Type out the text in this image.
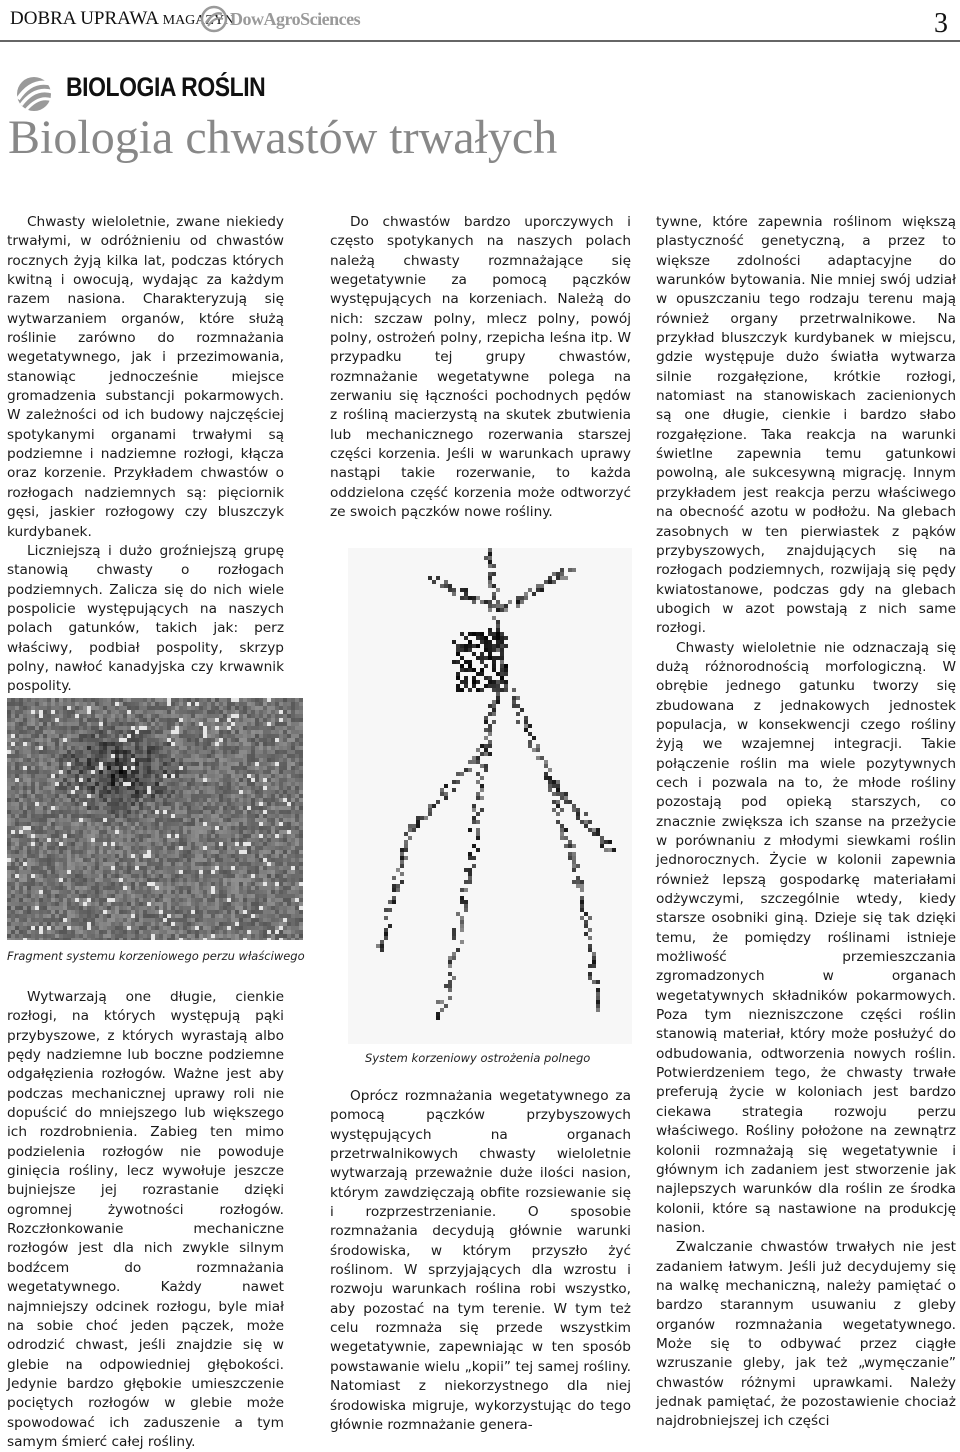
DOBRA UPRAWA MAGAZYN
DowAgroSciences	3
BIOLOGIA ROŚLIN
Biologia chwastów trwałych

Chwasty wieloletnie, zwane niekiedy trwałymi, w odróżnieniu od chwastów rocznych żyją kilka lat, podczas których kwitną i owocują, wydając za każdym razem nasiona. Charakteryzują się wytwarzaniem organów, które służą roślinie zarówno do rozmnażania wegetatywnego, jak i przezimowania, stanowiąc jednocześnie miejsce gromadzenia substancji pokarmowych. W zależności od ich budowy najczęściej spotykanymi organami trwałymi są podziemne i nadziemne rozłogi, kłącza oraz korzenie. Przykładem chwastów o rozłogach nadziemnych są: pięciornik gęsi, jaskier rozłogowy czy bluszczyk kurdybanek.

Liczniejszą i dużo groźniejszą grupę stanowią chwasty o rozłogach podziemnych. Zalicza się do nich wiele pospolicie występujących na naszych polach gatunków, takich jak: perz właściwy, podbiał pospolity, skrzyp polny, nawłoć kanadyjska czy krwawnik pospolity.

Fragment systemu korzeniowego perzu właściwego

Wytwarzają one długie, cienkie rozłogi, na których występują pąki przybyszowe, z których wyrastają albo pędy nadziemne lub boczne podziemne odgałęzienia rozłogów. Ważne jest aby podczas mechanicznej uprawy roli nie dopuścić do mniejszego lub większego ich rozdrobnienia. Zabieg ten mimo podzielenia rozłogów nie powoduje ginięcia rośliny, lecz wywołuje jeszcze bujniejsze jej rozrastanie dzięki ogromnej żywotności rozłogów. Rozczłonkowanie mechaniczne rozłogów jest dla nich zwykle silnym bodźcem do rozmnażania wegetatywnego. Każdy nawet najmniejszy odcinek rozłogu, byle miał na sobie choć jeden pączek, może odrodzić chwast, jeśli znajdzie się w glebie na odpowiedniej głębokości. Jedynie bardzo głębokie umieszczenie pociętych rozłogów w glebie może spowodować ich zaduszenie a tym samym śmierć całej rośliny.

Do chwastów bardzo uporczywych i często spotykanych na naszych polach należą chwasty rozmnażające się wegetatywnie za pomocą pączków występujących na korzeniach. Należą do nich: szczaw polny, mlecz polny, powój polny, ostrożeń polny, rzepicha leśna itp. W przypadku tej grupy chwastów, rozmnażanie wegetatywne polega na zerwaniu się łączności pochodnych pędów z rośliną macierzystą na skutek zbutwienia lub mechanicznego rozerwania starszej części korzenia. Jeśli w warunkach uprawy nastąpi takie rozerwanie, to każda oddzielona część korzenia może odtworzyć ze swoich pączków nowe rośliny.

System korzeniowy ostrożenia polnego

Oprócz rozmnażania wegetatywnego za pomocą pączków przybyszowych występujących na organach przetrwalnikowych chwasty wieloletnie wytwarzają przeważnie duże ilości nasion, którym zawdzięczają obfite rozsiewanie się i rozprzestrzenianie. O sposobie rozmnażania decydują głównie warunki środowiska, w którym przyszło żyć roślinom. W sprzyjających dla wzrostu i rozwoju warunkach roślina robi wszystko, aby pozostać na tym terenie. W tym też celu rozmnaża się przede wszystkim wegetatywnie, zapewniając w ten sposób powstawanie wielu „kopii” tej samej rośliny. Natomiast z niekorzystnego dla niej środowiska migruje, wykorzystując do tego głównie rozmnażanie genera-

tywne, które zapewnia roślinom większą plastyczność genetyczną, a przez to większe zdolności adaptacyjne do warunków bytowania. Nie mniej swój udział w opuszczaniu tego rodzaju terenu mają również organy przetrwalnikowe. Na przykład bluszczyk kurdybanek w miejscu, gdzie występuje dużo światła wytwarza silnie rozgałęzione, krótkie rozłogi, natomiast na stanowiskach zacienionych są one długie, cienkie i bardzo słabo rozgałęzione. Taka reakcja na warunki świetlne zapewnia temu gatunkowi powolną, ale sukcesywną migrację. Innym przykładem jest reakcja perzu właściwego na obecność azotu w podłożu. Na glebach zasobnych w ten pierwiastek z pąków przybyszowych, znajdujących się na rozłogach podziemnych, rozwijają się pędy kwiatostanowe, podczas gdy na glebach ubogich w azot powstają z nich same rozłogi.

Chwasty wieloletnie nie odznaczają się dużą różnorodnością morfologiczną. W obrębie jednego gatunku tworzy się zbudowana z jednakowych jednostek populacja, w konsekwencji czego rośliny żyją we wzajemnej integracji. Takie połączenie roślin ma wiele pozytywnych cech i pozwala na to, że młode rośliny pozostają pod opieką starszych, co znacznie zwiększa ich szanse na przeżycie w porównaniu z młodymi siewkami roślin jednorocznych. Życie w kolonii zapewnia również lepszą gospodarkę materiałami odżywczymi, szczególnie wtedy, kiedy starsze osobniki giną. Dzieje się tak dzięki temu, że pomiędzy roślinami istnieje możliwość przemieszczania zgromadzonych w organach wegetatywnych składników pokarmowych. Poza tym niezniszczone części roślin stanowią materiał, który może posłużyć do odbudowania, odtworzenia nowych roślin. Potwierdzeniem tego, że chwasty trwałe preferują życie w koloniach jest bardzo ciekawa strategia rozwoju perzu właściwego. Rośliny położone na zewnątrz kolonii rozmnażają się wegetatywnie i głównym ich zadaniem jest stworzenie jak najlepszych warunków dla roślin ze środka kolonii, które są nastawione na produkcję nasion.

Zwalczanie chwastów trwałych nie jest zadaniem łatwym. Jeśli już decydujemy się na walkę mechaniczną, należy pamiętać o bardzo starannym usuwaniu z gleby organów rozmnażania wegetatywnego. Może się to odbywać przez ciągłe wzruszanie gleby, jak też „wymęczanie” chwastów różnymi uprawkami. Należy jednak pamiętać, że pozostawienie chociaż najdrobniejszej ich części
